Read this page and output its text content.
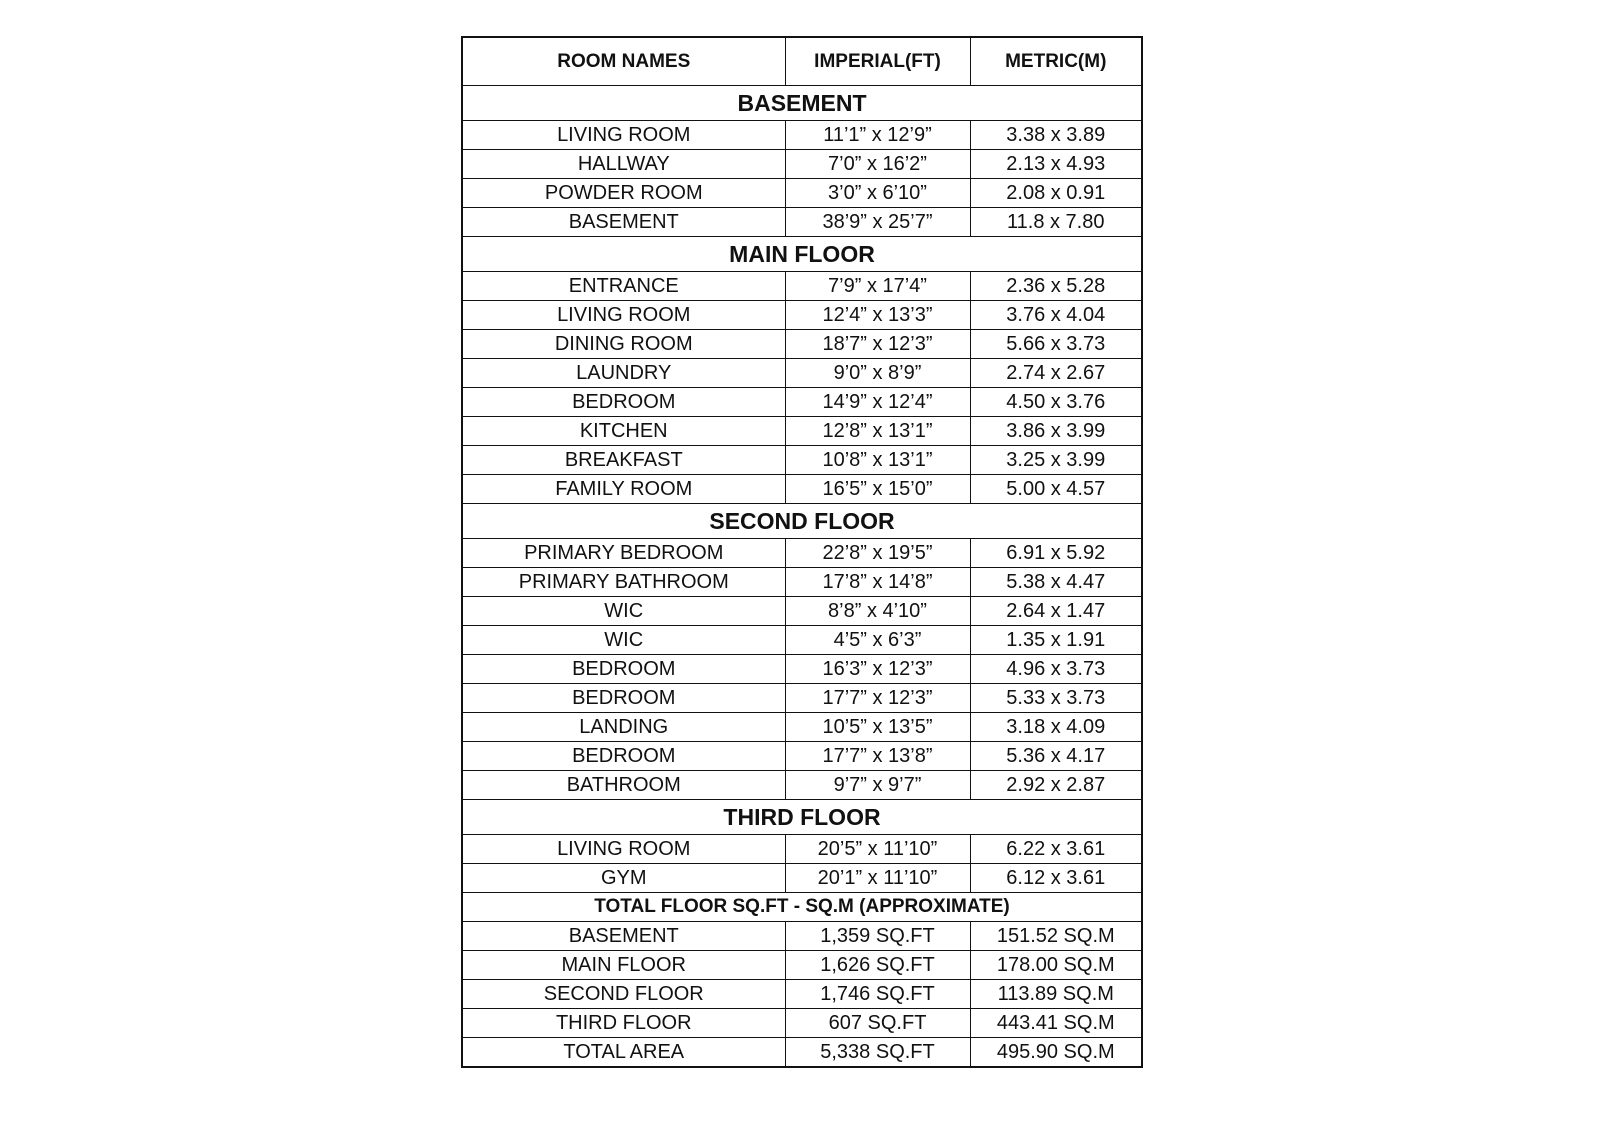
ROOM NAMES	IMPERIAL(FT)	METRIC(M)
BASEMENT		
LIVING ROOM	11’1” x 12’9”	3.38 x 3.89
HALLWAY	7’0” x 16’2”	2.13 x 4.93
POWDER ROOM	3’0” x 6’10”	2.08 x 0.91
BASEMENT	38’9” x 25’7”	11.8 x 7.80
MAIN FLOOR		
ENTRANCE	7’9” x 17’4”	2.36 x 5.28
LIVING ROOM	12’4” x 13’3”	3.76 x 4.04
DINING ROOM	18’7” x 12’3”	5.66 x 3.73
LAUNDRY	9’0” x 8’9”	2.74 x 2.67
BEDROOM	14’9” x 12’4”	4.50 x 3.76
KITCHEN	12’8” x 13’1”	3.86 x 3.99
BREAKFAST	10’8” x 13’1”	3.25 x 3.99
FAMILY ROOM	16’5” x 15’0”	5.00 x 4.57
SECOND FLOOR		
PRIMARY BEDROOM	22’8” x 19’5”	6.91 x 5.92
PRIMARY BATHROOM	17’8” x 14’8”	5.38 x 4.47
WIC	8’8” x 4’10”	2.64 x 1.47
WIC	4’5” x 6’3”	1.35 x 1.91
BEDROOM	16’3” x 12’3”	4.96 x 3.73
BEDROOM	17’7” x 12’3”	5.33 x 3.73
LANDING	10’5” x 13’5”	3.18 x 4.09
BEDROOM	17’7” x 13’8”	5.36 x 4.17
BATHROOM	9’7” x 9’7”	2.92 x 2.87
THIRD FLOOR		
LIVING ROOM	20’5” x 11’10”	6.22 x 3.61
GYM	20’1” x 11’10”	6.12 x 3.61
TOTAL FLOOR SQ.FT - SQ.M (APPROXIMATE)		
BASEMENT	1,359 SQ.FT	151.52 SQ.M
MAIN FLOOR	1,626 SQ.FT	178.00 SQ.M
SECOND FLOOR	1,746 SQ.FT	113.89 SQ.M
THIRD FLOOR	607 SQ.FT	443.41 SQ.M
TOTAL AREA	5,338 SQ.FT	495.90 SQ.M
